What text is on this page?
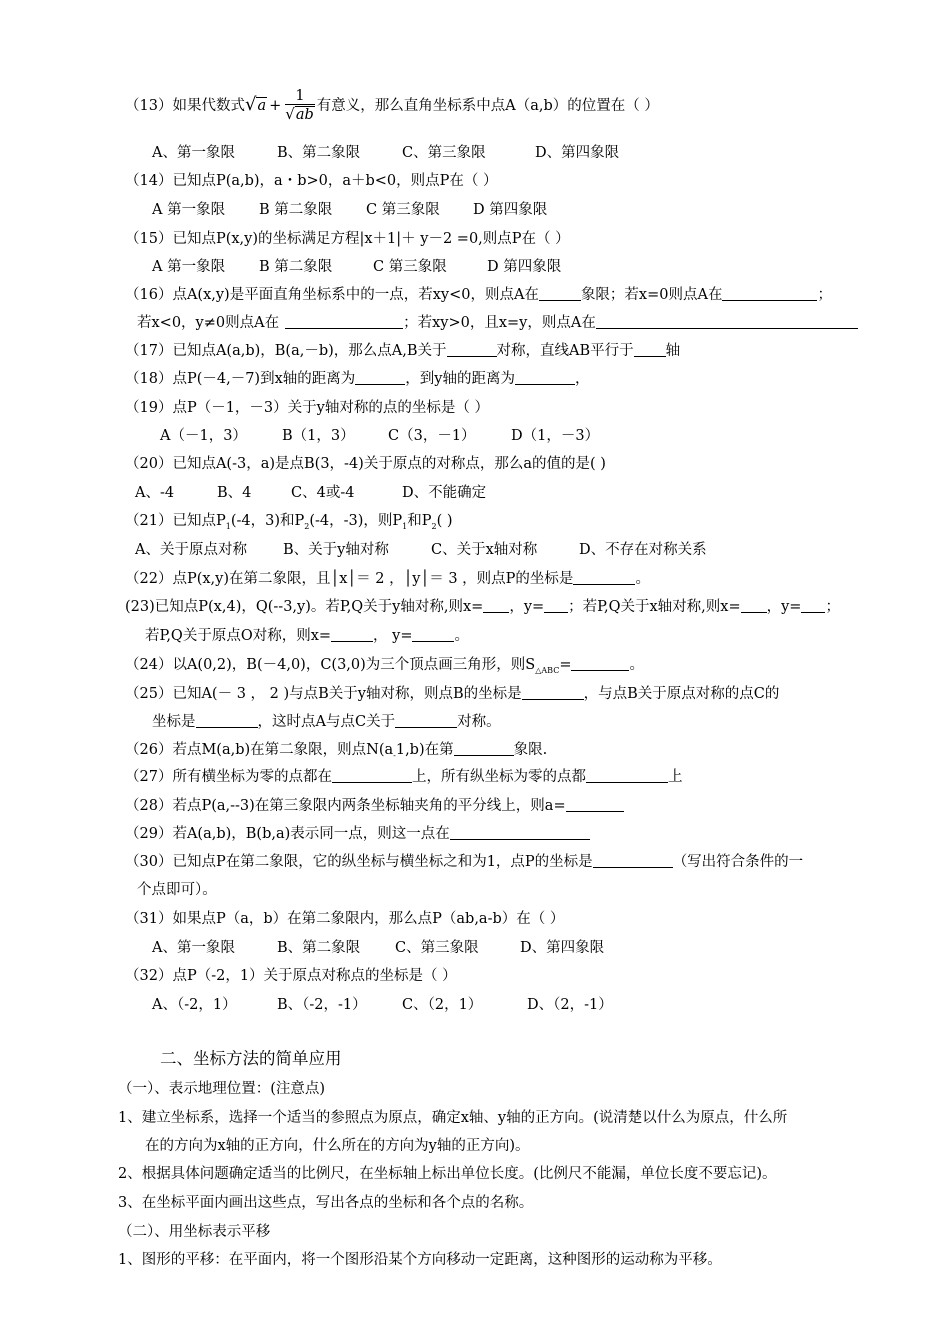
（13）如果代数式$√a + \frac{1}{√ab}$ 有意义，那么直角坐标系中点A（a,b）的位置在（ ）
A、第一象限	B、第二象限	C、第三象限	D、第四象限
（14）已知点P(a,b)，a・b>0，a＋b<0，则点P在（ ）
A 第一象限 B 第二象限 C 第三象限 D 第四象限
（15）已知点P(x,y)的坐标满足方程|x＋1|＋ y－2 =0,则点P在（ ）
A 第一象限 B 第二象限	C 第三象限	D 第四象限
（16）点A(x,y)是平面直角坐标系中的一点，若xy<0，则点A在	象限；若x=0则点A在	；
若x<0，y≠0则点A在	；若xy>0，且x=y，则点A在
（17）已知点A(a,b)，B(a,－b)，那么点A,B关于	对称，直线AB平行于 轴
（18）点P(－4,－7)到x轴的距离为	，到y轴的距离为	，
（19）点P（－1，－3）关于y轴对称的点的坐标是（ ）
A（－1，3） B（1，3） C（3，－1） D（1，－3）
（20）已知点A(-3，a)是点B(3，-4)关于原点的对称点，那么a的值的是( )
A、-4	B、4	C、4或-4	D、不能确定
（21）已知点$P_1(-4$，3)和$P_2(-4$，-3)，则$P_1$和$P_2$( )
A、关于原点对称 B、关于y轴对称	C、关于x轴对称	D、不存在对称关系
（22）点P(x,y)在第二象限，且│x│＝ 2 ，│y│＝ 3 ，则点P的坐标是	。
(23)已知点P(x,4)，Q(--3,y)。若P,Q关于y轴对称,则x= ，y= ；若P,Q关于x轴对称,则x= ，y= ；
若P,Q关于原点O对称，则x=	， y=	。
（24）以A(0,2)，B(－4,0)，C(3,0)为三个顶点画三角形，则$S_{\triangle ABC}=$	。
（25）已知A(－ 3 ， 2 )与点B关于y轴对称，则点B的坐标是	，与点B关于原点对称的点C的
坐标是	，这时点A与点C关于	对称。
（26）若点M(a,b)在第二象限，则点$N(a_-1,b)$在第	象限.
（27）所有横坐标为零的点都在	上，所有纵坐标为零的点都	上
（28）若点P(a,--3)在第三象限内两条坐标轴夹角的平分线上，则a=
（29）若A(a,b)，B(b,a)表示同一点，则这一点在
（30）已知点P在第二象限，它的纵坐标与横坐标之和为1，点P的坐标是	（写出符合条件的一
个点即可）。
（31）如果点P（a，b）在第二象限内，那么点P（ab,a-b）在（ ）
A、第一象限	B、第二象限 C、第三象限	D、第四象限
（32）点P（-2，1）关于原点对称点的坐标是（ ）
A、（-2，1）	B、（-2，-1） C、（2，1）	D、（2，-1）
二、坐标方法的简单应用
（一）、表示地理位置：(注意点)
1、建立坐标系，选择一个适当的参照点为原点，确定x轴、y轴的正方向。(说清楚以什么为原点，什么所
在的方向为x轴的正方向，什么所在的方向为y轴的正方向)。
2、根据具体问题确定适当的比例尺，在坐标轴上标出单位长度。(比例尺不能漏，单位长度不要忘记)。
3、在坐标平面内画出这些点，写出各点的坐标和各个点的名称。
（二）、用坐标表示平移
1、图形的平移：在平面内，将一个图形沿某个方向移动一定距离，这种图形的运动称为平移。
